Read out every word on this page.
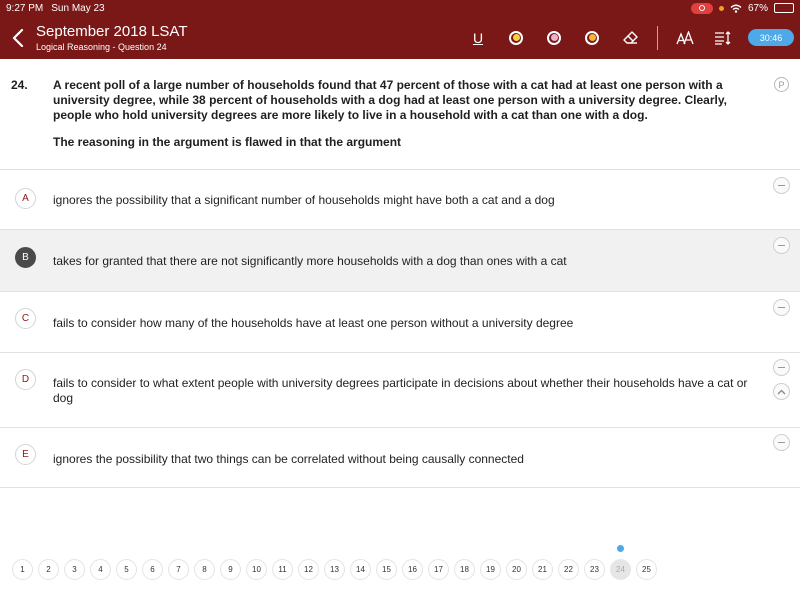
9:27 PM Sun May 23	67%
September 2018 LSAT
Logical Reasoning - Question 24
U	30:46
24. A recent poll of a large number of households found that 47 percent of those with a cat had at least one person with a university degree, while 38 percent of households with a dog had at least one person with a university degree. Clearly, people who hold university degrees are more likely to live in a household with a cat than one with a dog.

The reasoning in the argument is flawed in that the argument

P
A	ignores the possibility that a significant number of households might have both a cat and a dog

B	takes for granted that there are not significantly more households with a dog than ones with a cat

C	fails to consider how many of the households have at least one person without a university degree

D	fails to consider to what extent people with university degrees participate in decisions about whether their households have a cat or dog

E	ignores the possibility that two things can be correlated without being causally connected

1	2	3	4	5	6	7	8	9	10	11	12	13	14	15	16	17	18	19	20	21	22	23	24	25
